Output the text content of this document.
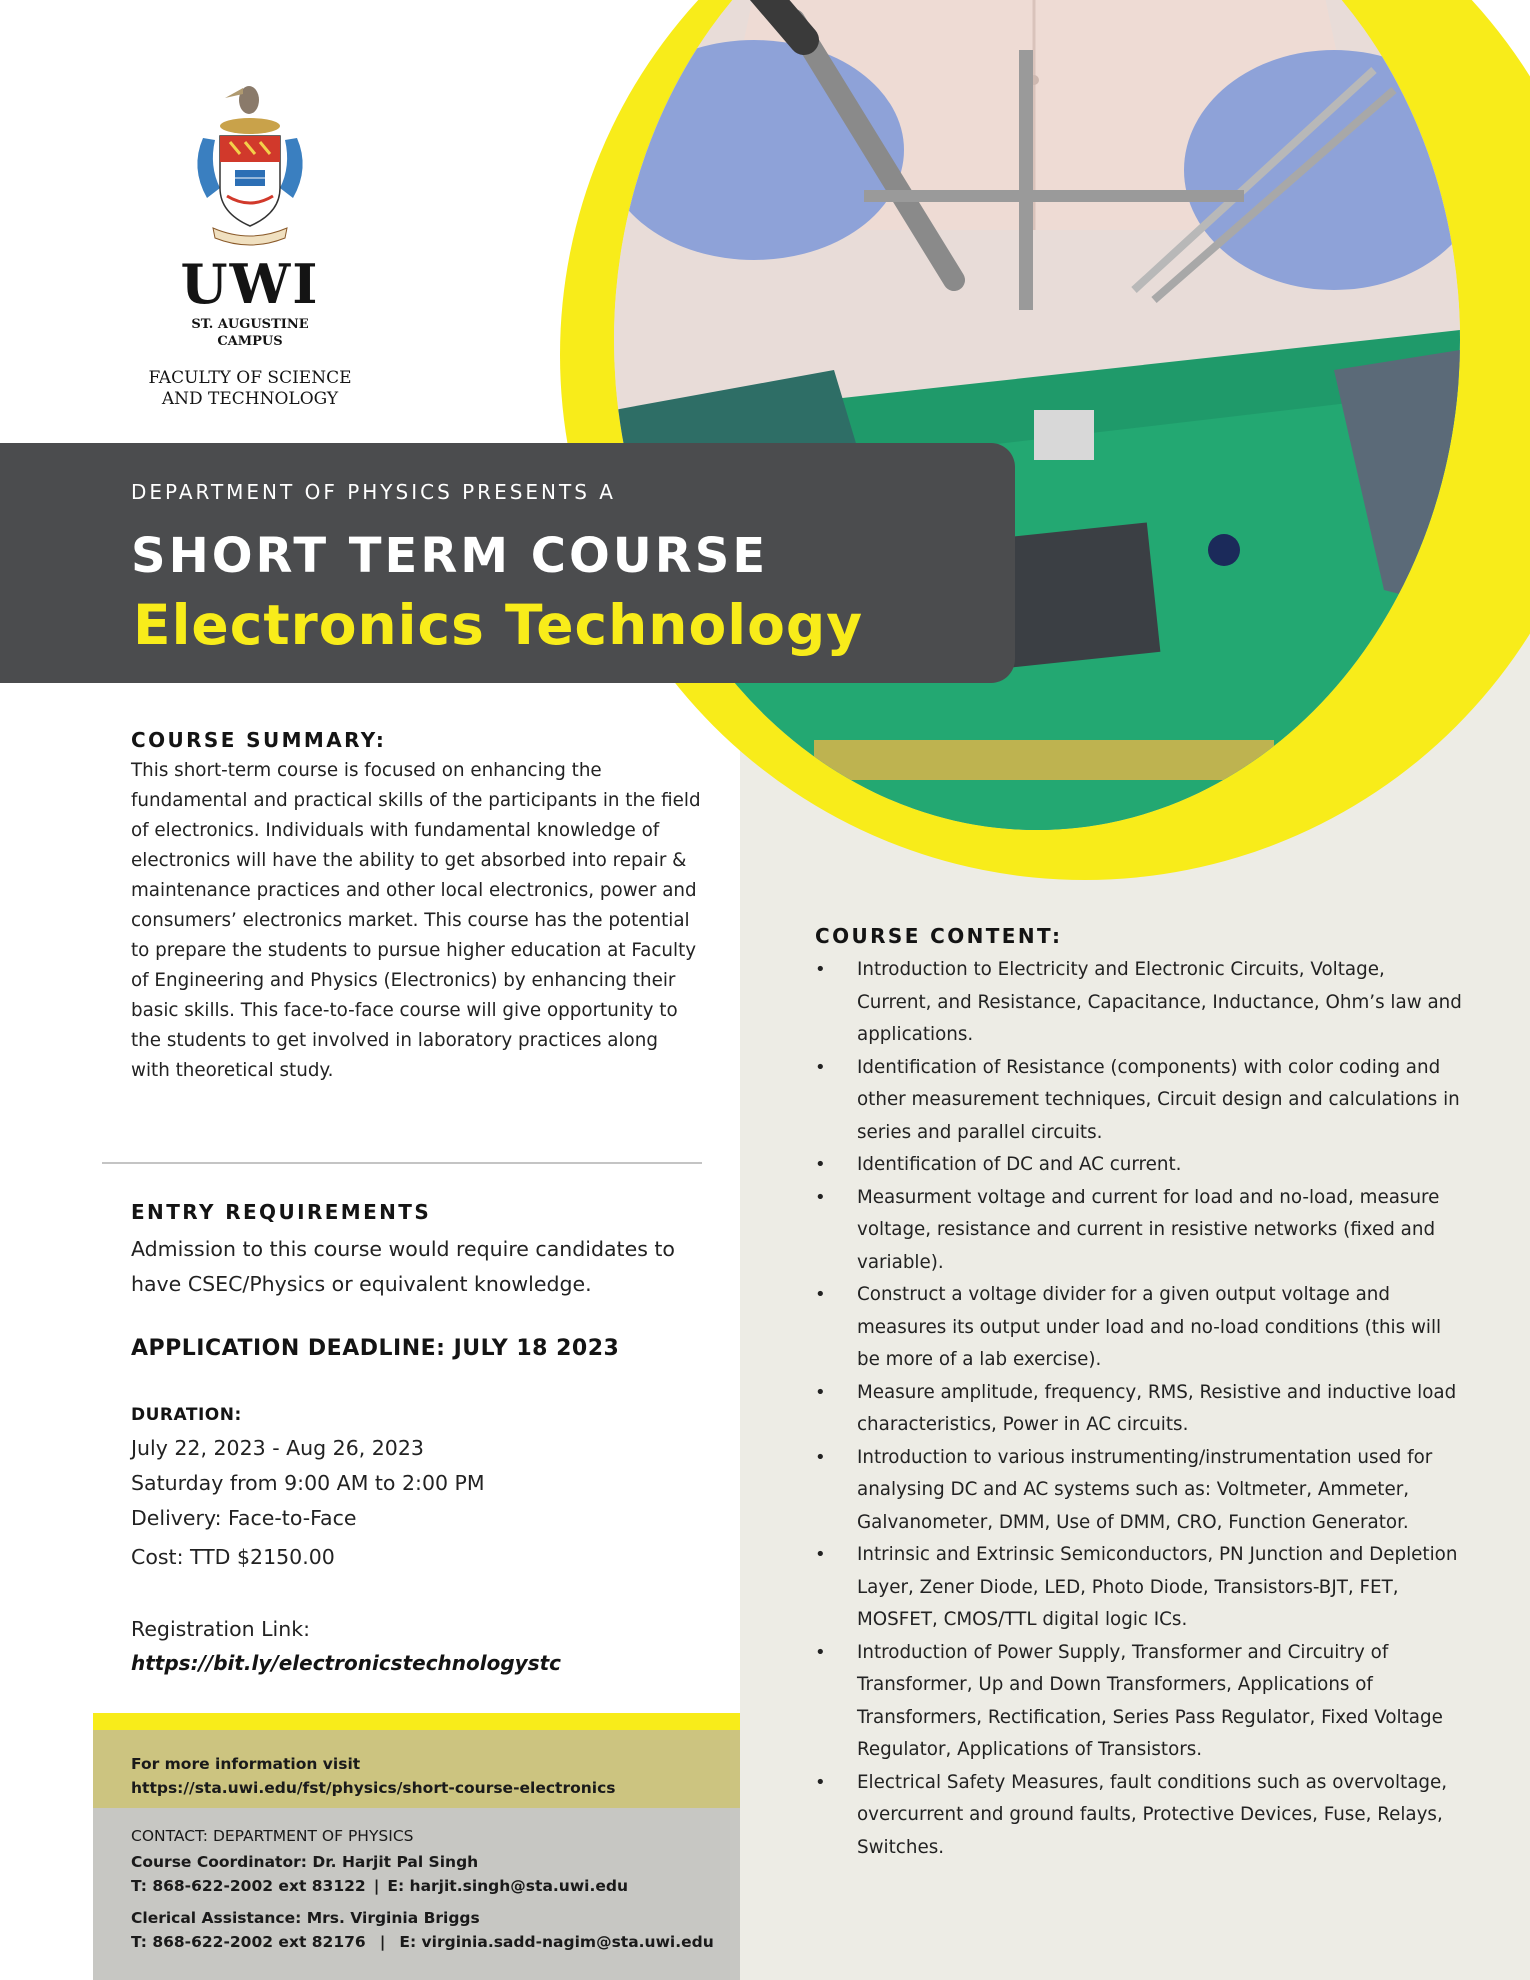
UWI
ST. AUGUSTINE
CAMPUS
FACULTY OF SCIENCE
AND TECHNOLOGY
DEPARTMENT OF PHYSICS PRESENTS A
SHORT TERM COURSE
Electronics Technology
COURSE SUMMARY:

This short-term course is focused on enhancing the fundamental and practical skills of the participants in the field of electronics. Individuals with fundamental knowledge of electronics will have the ability to get absorbed into repair & maintenance practices and other local electronics, power and consumers’ electronics market. This course has the potential to prepare the students to pursue higher education at Faculty of Engineering and Physics (Electronics) by enhancing their basic skills. This face-to-face course will give opportunity to the students to get involved in laboratory practices along with theoretical study.

ENTRY REQUIREMENTS

Admission to this course would require candidates to have CSEC/Physics or equivalent knowledge.

APPLICATION DEADLINE: JULY 18 2023
DURATION:
July 22, 2023 - Aug 26, 2023
Saturday from 9:00 AM to 2:00 PM
Delivery: Face-to-Face
Cost: TTD $2150.00
Registration Link:
https://bit.ly/electronicstechnologystc
For more information visit
https://sta.uwi.edu/fst/physics/short-course-electronics
CONTACT: DEPARTMENT OF PHYSICS
Course Coordinator: Dr. Harjit Pal Singh
T: 868-622-2002 ext 83122 | E: harjit.singh@sta.uwi.edu
Clerical Assistance: Mrs. Virginia Briggs
T: 868-622-2002 ext 82176 | E: virginia.sadd-nagim@sta.uwi.edu
COURSE CONTENT:
• Introduction to Electricity and Electronic Circuits, Voltage, Current, and Resistance, Capacitance, Inductance, Ohm’s law and applications.
• Identification of Resistance (components) with color coding and other measurement techniques, Circuit design and calculations in series and parallel circuits.
• Identification of DC and AC current.
• Measurment voltage and current for load and no-load, measure voltage, resistance and current in resistive networks (fixed and variable).
• Construct a voltage divider for a given output voltage and measures its output under load and no-load conditions (this will be more of a lab exercise).
• Measure amplitude, frequency, RMS, Resistive and inductive load characteristics, Power in AC circuits.
• Introduction to various instrumenting/instrumentation used for analysing DC and AC systems such as: Voltmeter, Ammeter, Galvanometer, DMM, Use of DMM, CRO, Function Generator.
• Intrinsic and Extrinsic Semiconductors, PN Junction and Depletion Layer, Zener Diode, LED, Photo Diode, Transistors-BJT, FET, MOSFET, CMOS/TTL digital logic ICs.
• Introduction of Power Supply, Transformer and Circuitry of Transformer, Up and Down Transformers, Applications of Transformers, Rectification, Series Pass Regulator, Fixed Voltage Regulator, Applications of Transistors.
• Electrical Safety Measures, fault conditions such as overvoltage, overcurrent and ground faults, Protective Devices, Fuse, Relays, Switches.
